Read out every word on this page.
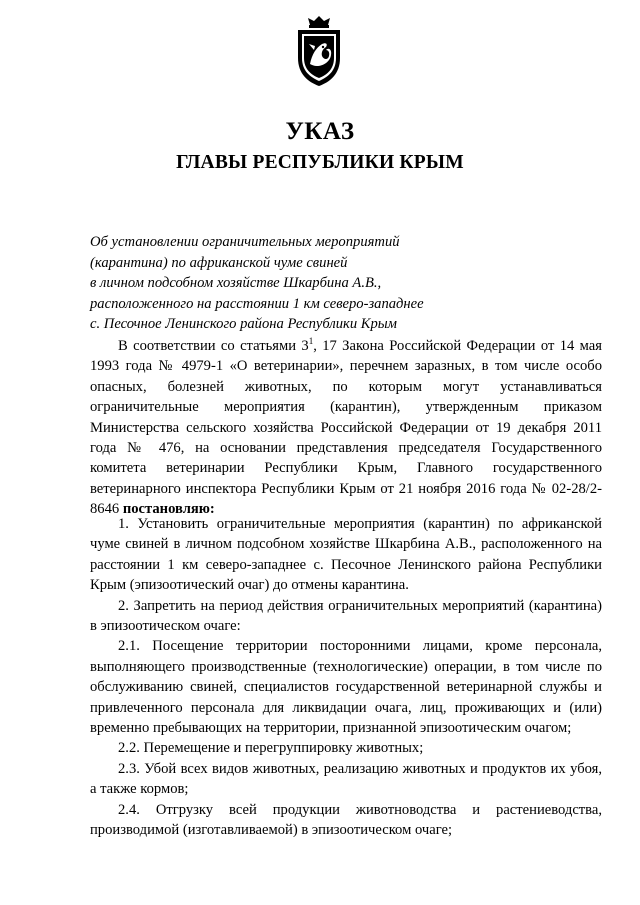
УКАЗ
ГЛАВЫ РЕСПУБЛИКИ КРЫМ
Об установлении ограничительных мероприятий
(карантина) по африканской чуме свиней
в личном подсобном хозяйстве Шкарбина А.В.,
расположенного на расстоянии 1 км северо-западнее
с. Песочное Ленинского района Республики Крым

В соответствии со статьями $3^1$, 17 Закона Российской Федерации от 14 мая 1993 года № 4979-1 «О ветеринарии», перечнем заразных, в том числе особо опасных, болезней животных, по которым могут устанавливаться ограничительные мероприятия (карантин), утвержденным приказом Министерства сельского хозяйства Российской Федерации от 19 декабря 2011 года № 476, на основании представления председателя Государственного комитета ветеринарии Республики Крым, Главного государственного ветеринарного инспектора Республики Крым от 21 ноября 2016 года № 02-28/2-8646 постановляю:

1. Установить ограничительные мероприятия (карантин) по африканской чуме свиней в личном подсобном хозяйстве Шкарбина А.В., расположенного на расстоянии 1 км северо-западнее с. Песочное Ленинского района Республики Крым (эпизоотический очаг) до отмены карантина.

2. Запретить на период действия ограничительных мероприятий (карантина) в эпизоотическом очаге:

2.1. Посещение территории посторонними лицами, кроме персонала, выполняющего производственные (технологические) операции, в том числе по обслуживанию свиней, специалистов государственной ветеринарной службы и привлеченного персонала для ликвидации очага, лиц, проживающих и (или) временно пребывающих на территории, признанной эпизоотическим очагом;

2.2. Перемещение и перегруппировку животных;

2.3. Убой всех видов животных, реализацию животных и продуктов их убоя, а также кормов;

2.4. Отгрузку всей продукции животноводства и растениеводства, производимой (изготавливаемой) в эпизоотическом очаге;
